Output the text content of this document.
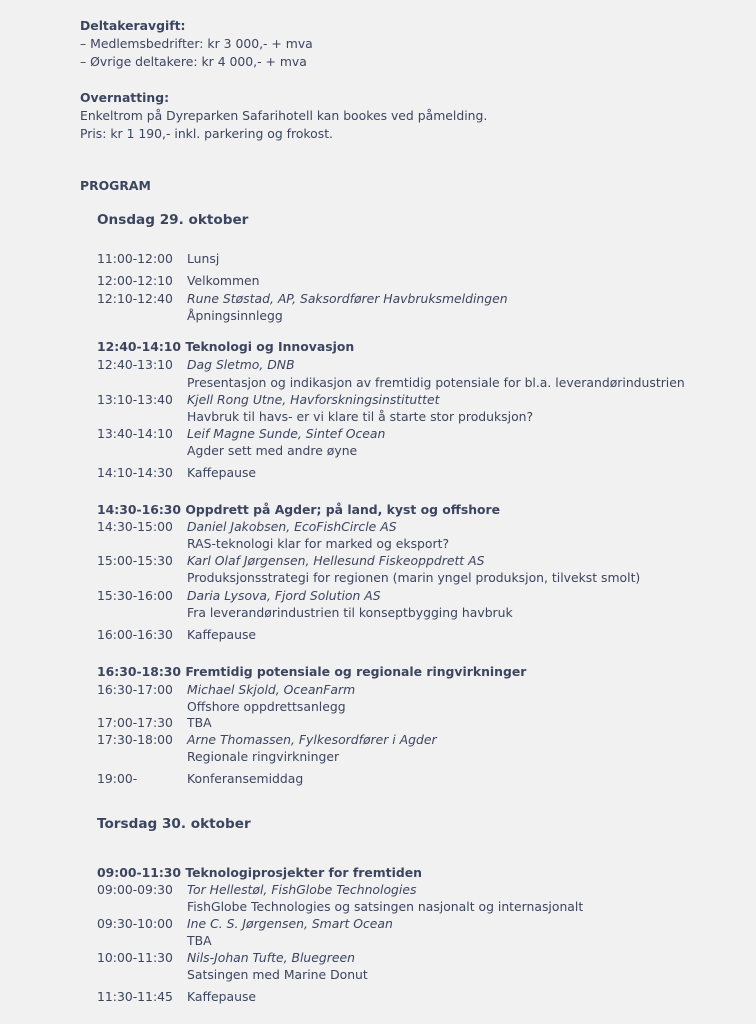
Deltakeravgift:
– Medlemsbedrifter: kr 3 000,- + mva
– Øvrige deltakere: kr 4 000,- + mva
Overnatting:
Enkeltrom på Dyreparken Safarihotell kan bookes ved påmelding.
Pris: kr 1 190,- inkl. parkering og frokost.
PROGRAM
Onsdag 29. oktober
11:00-12:00 Lunsj
12:00-12:10 Velkommen
12:10-12:40 Rune Støstad, AP, Saksordfører Havbruksmeldingen
Åpningsinnlegg
12:40-14:10 Teknologi og Innovasjon
12:40-13:10 Dag Sletmo, DNB
Presentasjon og indikasjon av fremtidig potensiale for bl.a. leverandørindustrien
13:10-13:40 Kjell Rong Utne, Havforskningsinstituttet
Havbruk til havs- er vi klare til å starte stor produksjon?
13:40-14:10 Leif Magne Sunde, Sintef Ocean
Agder sett med andre øyne
14:10-14:30 Kaffepause
14:30-16:30 Oppdrett på Agder; på land, kyst og offshore
14:30-15:00 Daniel Jakobsen, EcoFishCircle AS
RAS-teknologi klar for marked og eksport?
15:00-15:30 Karl Olaf Jørgensen, Hellesund Fiskeoppdrett AS
Produksjonsstrategi for regionen (marin yngel produksjon, tilvekst smolt)
15:30-16:00 Daria Lysova, Fjord Solution AS
Fra leverandørindustrien til konseptbygging havbruk
16:00-16:30 Kaffepause
16:30-18:30 Fremtidig potensiale og regionale ringvirkninger
16:30-17:00 Michael Skjold, OceanFarm
Offshore oppdrettsanlegg
17:00-17:30 TBA
17:30-18:00 Arne Thomassen, Fylkesordfører i Agder
Regionale ringvirkninger
19:00-	Konferansemiddag
Torsdag 30. oktober
09:00-11:30 Teknologiprosjekter for fremtiden
09:00-09:30 Tor Hellestøl, FishGlobe Technologies
FishGlobe Technologies og satsingen nasjonalt og internasjonalt
09:30-10:00 Ine C. S. Jørgensen, Smart Ocean
TBA
10:00-11:30 Nils-Johan Tufte, Bluegreen
Satsingen med Marine Donut
11:30-11:45 Kaffepause
